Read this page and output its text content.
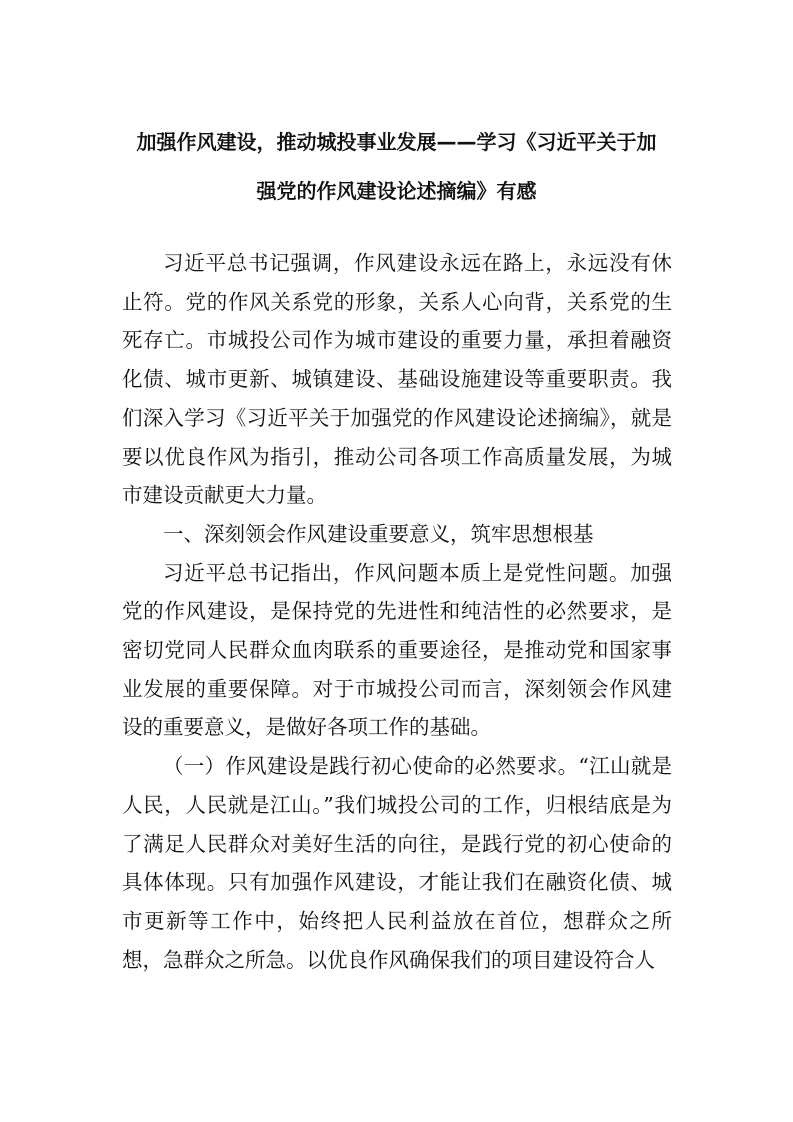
加强作风建设，推动城投事业发展——学习《习近平关于加
强党的作风建设论述摘编》有感

习近平总书记强调，作风建设永远在路上，永远没有休止符。党的作风关系党的形象，关系人心向背，关系党的生死存亡。市城投公司作为城市建设的重要力量，承担着融资化债、城市更新、城镇建设、基础设施建设等重要职责。我们深入学习《习近平关于加强党的作风建设论述摘编》，就是要以优良作风为指引，推动公司各项工作高质量发展，为城市建设贡献更大力量。

一、深刻领会作风建设重要意义，筑牢思想根基

习近平总书记指出，作风问题本质上是党性问题。加强党的作风建设，是保持党的先进性和纯洁性的必然要求，是密切党同人民群众血肉联系的重要途径，是推动党和国家事业发展的重要保障。对于市城投公司而言，深刻领会作风建设的重要意义，是做好各项工作的基础。

（一）作风建设是践行初心使命的必然要求。“江山就是人民，人民就是江山。”我们城投公司的工作，归根结底是为了满足人民群众对美好生活的向往，是践行党的初心使命的具体体现。只有加强作风建设，才能让我们在融资化债、城市更新等工作中，始终把人民利益放在首位，想群众之所想，急群众之所急。以优良作风确保我们的项目建设符合人
